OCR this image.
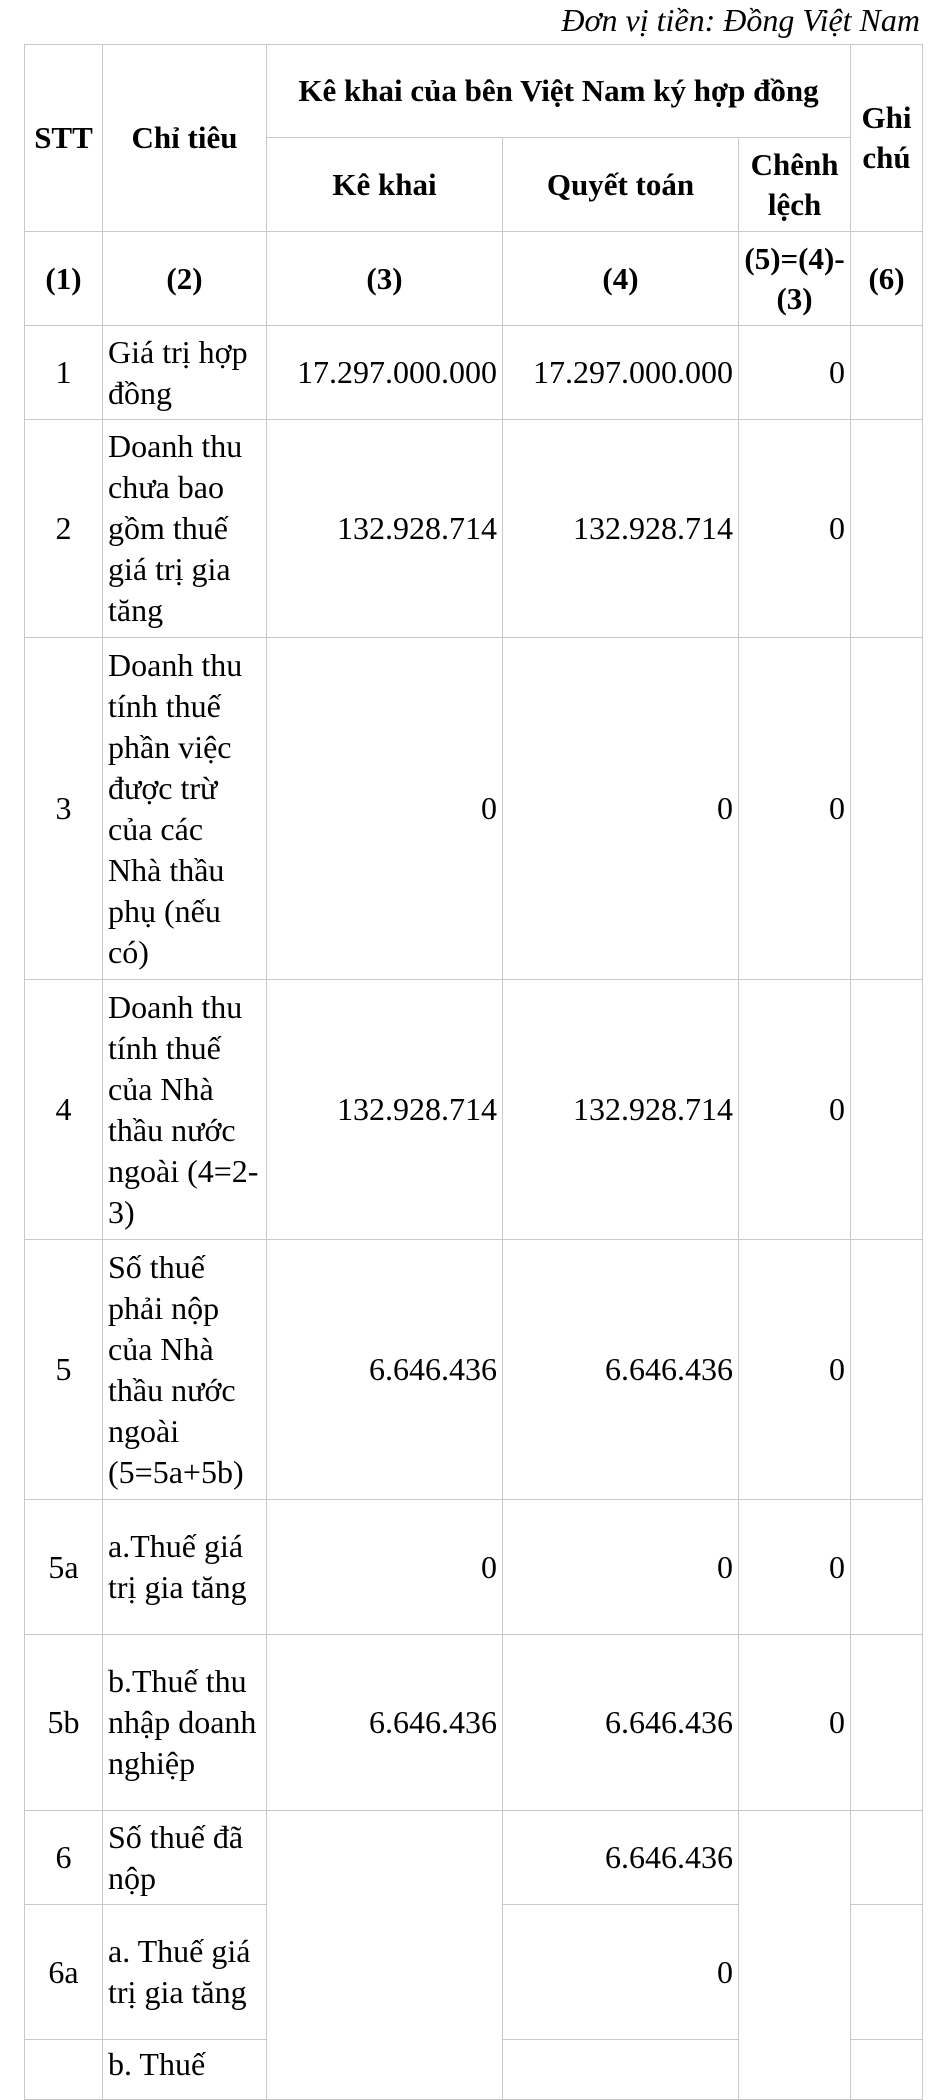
Đơn vị tiền: Đồng Việt Nam
STT	Chỉ tiêu	Kê khai của bên Việt Nam ký hợp đồng			Ghi chú
		Kê khai	Quyết toán	Chênh lệch	
(1)	(2)	(3)	(4)	(5)=(4)-(3)	(6)
1	Giá trị hợp đồng	17.297.000.000	17.297.000.000	0	
2	Doanh thu chưa bao gồm thuế giá trị gia tăng	132.928.714	132.928.714	0	
3	Doanh thu tính thuế phần việc được trừ của các Nhà thầu phụ (nếu có)	0	0	0	
4	Doanh thu tính thuế của Nhà thầu nước ngoài (4=2-3)	132.928.714	132.928.714	0	
5	Số thuế phải nộp của Nhà thầu nước ngoài (5=5a+5b)	6.646.436	6.646.436	0	
5a	a.Thuế giá trị gia tăng	0	0	0	
5b	b.Thuế thu nhập doanh nghiệp	6.646.436	6.646.436	0	
6	Số thuế đã nộp		6.646.436		
6a	a. Thuế giá trị gia tăng		0		
	b. Thuế				
